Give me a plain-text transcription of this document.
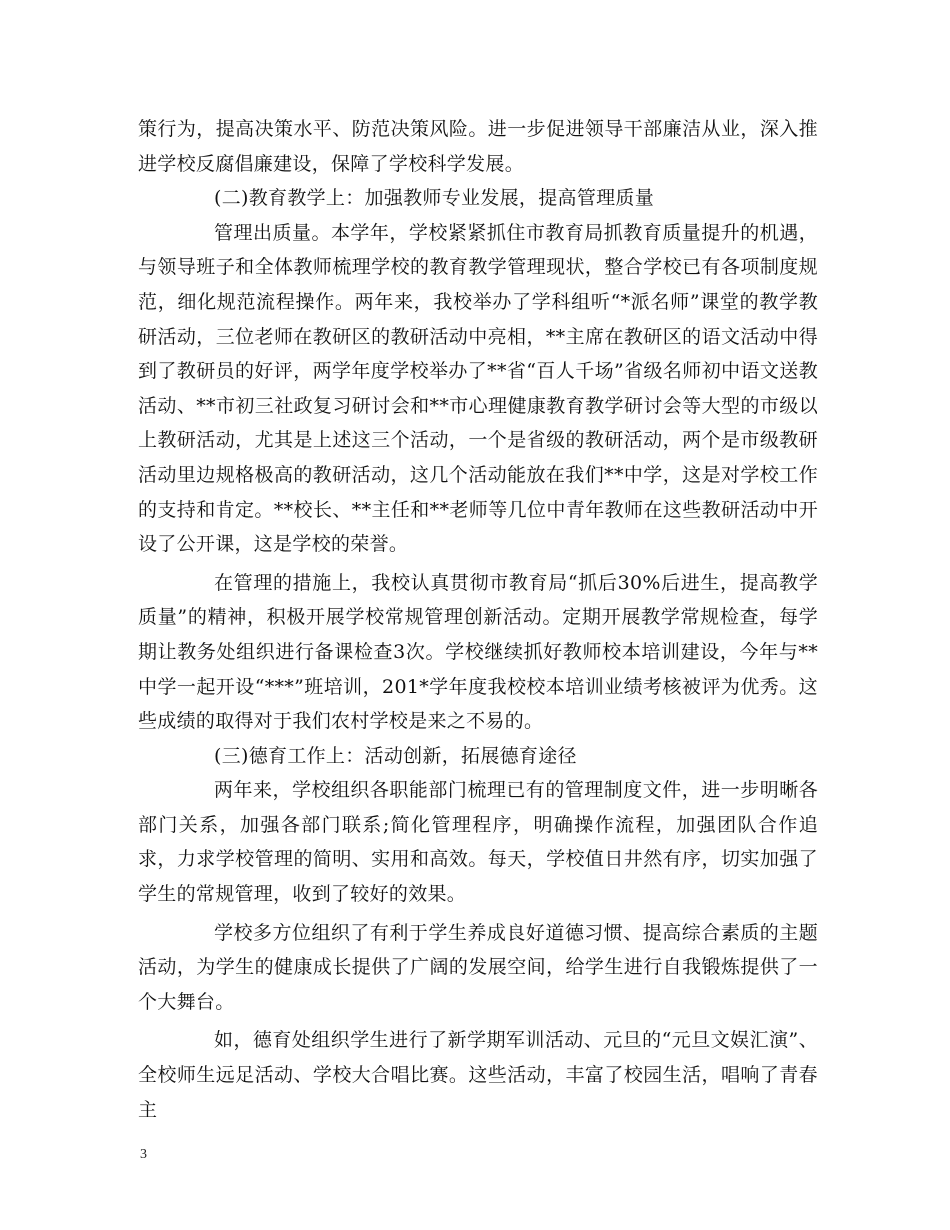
策行为，提高决策水平、防范决策风险。进一步促进领导干部廉洁从业，深入推进学校反腐倡廉建设，保障了学校科学发展。

(二)教育教学上：加强教师专业发展，提高管理质量

管理出质量。本学年，学校紧紧抓住市教育局抓教育质量提升的机遇，与领导班子和全体教师梳理学校的教育教学管理现状，整合学校已有各项制度规范，细化规范流程操作。两年来，我校举办了学科组听“*派名师”课堂的教学教研活动，三位老师在教研区的教研活动中亮相，**主席在教研区的语文活动中得到了教研员的好评，两学年度学校举办了**省“百人千场”省级名师初中语文送教活动、**市初三社政复习研讨会和**市心理健康教育教学研讨会等大型的市级以上教研活动，尤其是上述这三个活动，一个是省级的教研活动，两个是市级教研活动里边规格极高的教研活动，这几个活动能放在我们**中学，这是对学校工作的支持和肯定。**校长、**主任和**老师等几位中青年教师在这些教研活动中开设了公开课，这是学校的荣誉。

在管理的措施上，我校认真贯彻市教育局“抓后30%后进生，提高教学质量”的精神，积极开展学校常规管理创新活动。定期开展教学常规检查，每学期让教务处组织进行备课检查3次。学校继续抓好教师校本培训建设，今年与**中学一起开设“***”班培训，201*学年度我校校本培训业绩考核被评为优秀。这些成绩的取得对于我们农村学校是来之不易的。

(三)德育工作上：活动创新，拓展德育途径

两年来，学校组织各职能部门梳理已有的管理制度文件，进一步明晰各部门关系，加强各部门联系;简化管理程序，明确操作流程，加强团队合作追求，力求学校管理的简明、实用和高效。每天，学校值日井然有序，切实加强了学生的常规管理，收到了较好的效果。

学校多方位组织了有利于学生养成良好道德习惯、提高综合素质的主题活动，为学生的健康成长提供了广阔的发展空间，给学生进行自我锻炼提供了一个大舞台。

如，德育处组织学生进行了新学期军训活动、元旦的“元旦文娱汇演”、全校师生远足活动、学校大合唱比赛。这些活动，丰富了校园生活，唱响了青春主

3
